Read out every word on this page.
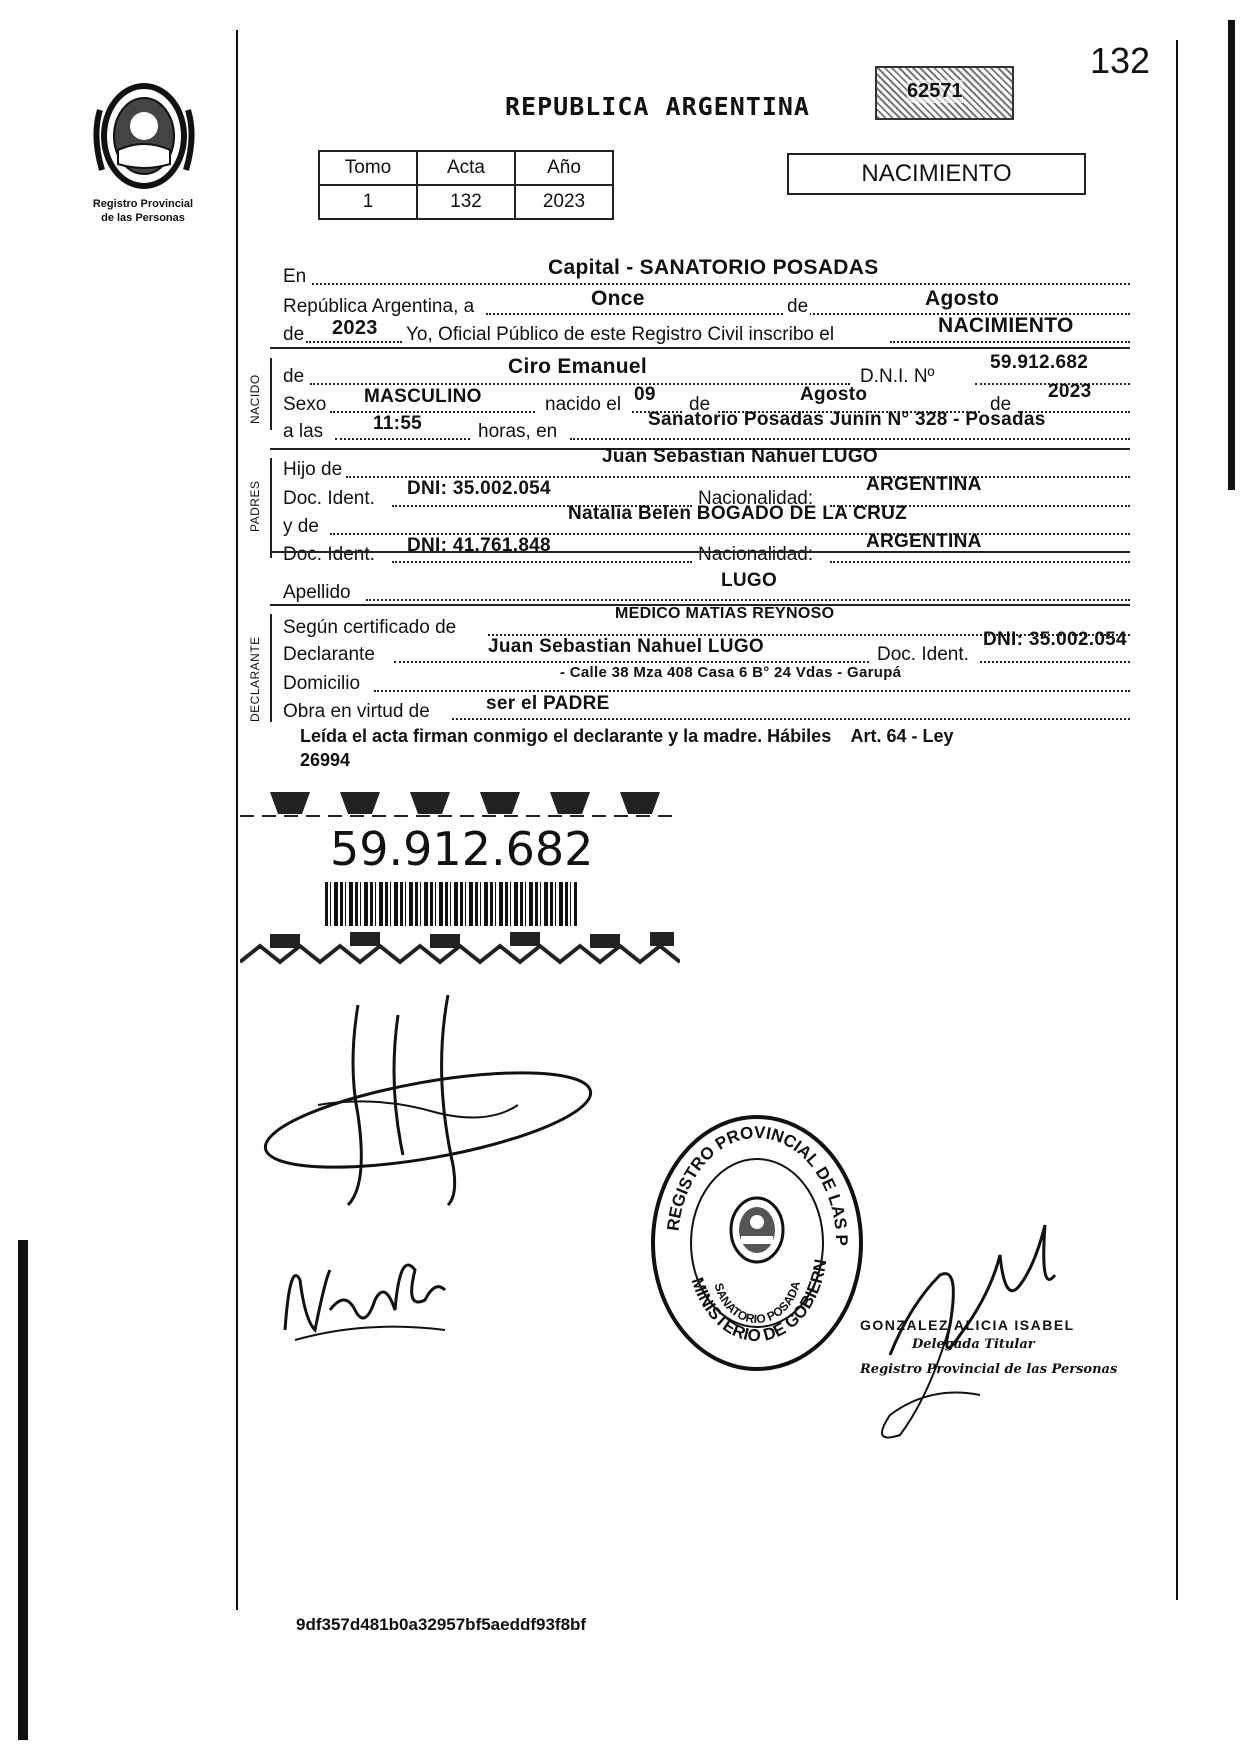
132
Registro Provincial
de las Personas
REPUBLICA ARGENTINA
62571
Tomo	Acta	Año
1	132	2023
NACIMIENTO
En	Capital - SANATORIO POSADAS
República Argentina, a	Once	de	Agosto
de 2023 Yo, Oficial Público de este Registro Civil inscribo el	NACIMIENTO
NACIDO de	Ciro Emanuel	D.N.I. Nº
59.912.682
Sexo MASCULINO	nacido el 09 de	Agosto	de
2023
a las	11:55	horas, en
Sanatorio Posadas Junín N° 328 - Posadas
PADRES
Hijo de
Juan Sebastian Nahuel LUGO
Doc. Ident. DNI: 35.002.054	Nacionalidad:
ARGENTINA
y de
Natalia Belen BOGADO DE LA CRUZ
Doc. Ident. DNI: 41.761.848	Nacionalidad:
ARGENTINA
Apellido
LUGO
DECLARANTE
Según certificado de
MEDICO MATIAS REYNOSO
Declarante	Juan Sebastian Nahuel LUGO	Doc. Ident.
DNI: 35.002.054
Domicilio
- Calle 38 Mza 408 Casa 6 B° 24 Vdas - Garupá
Obra en virtud de	ser el PADRE
Leída el acta firman conmigo el declarante y la madre. Hábiles    Art. 64 - Ley
26994
59.912.682
REGISTRO PROVINCIAL DE LAS P
MINISTERIO DE GOBIERN
SANATORIO POSADA
GONZALEZ ALICIA ISABEL
Delegada Titular
Registro Provincial de las Personas
9df357d481b0a32957bf5aeddf93f8bf
